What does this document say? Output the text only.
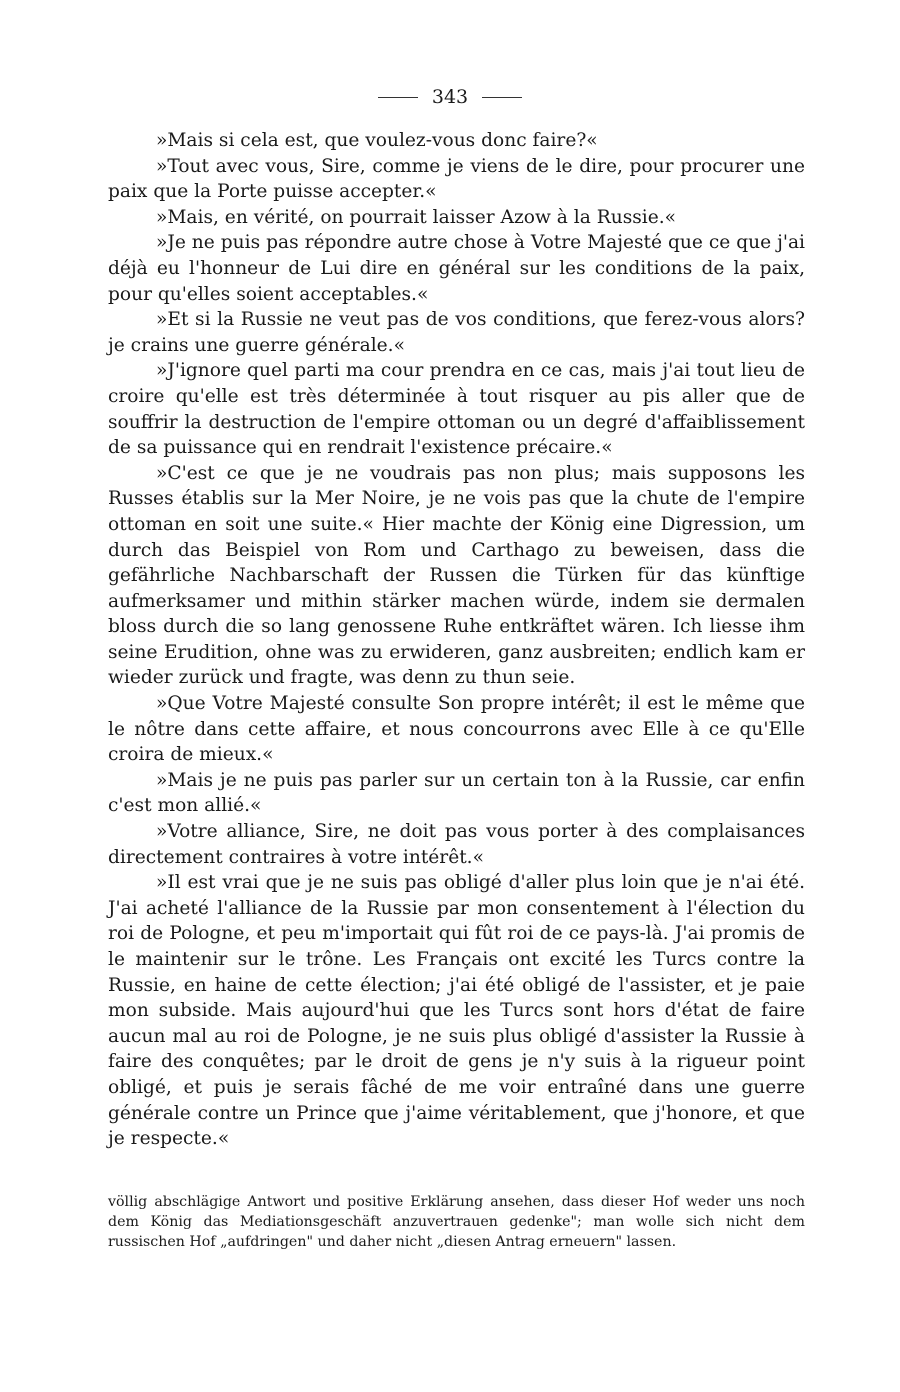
343

»Mais si cela est, que voulez-vous donc faire?«

»Tout avec vous, Sire, comme je viens de le dire, pour procurer une paix que la Porte puisse accepter.«

»Mais, en vérité, on pourrait laisser Azow à la Russie.«

»Je ne puis pas répondre autre chose à Votre Majesté que ce que j'ai déjà eu l'honneur de Lui dire en général sur les conditions de la paix, pour qu'elles soient acceptables.«

»Et si la Russie ne veut pas de vos conditions, que ferez-vous alors? je crains une guerre générale.«

»J'ignore quel parti ma cour prendra en ce cas, mais j'ai tout lieu de croire qu'elle est très déterminée à tout risquer au pis aller que de souffrir la destruction de l'empire ottoman ou un degré d'affaiblissement de sa puissance qui en rendrait l'existence précaire.«

»C'est ce que je ne voudrais pas non plus; mais supposons les Russes établis sur la Mer Noire, je ne vois pas que la chute de l'empire ottoman en soit une suite.« Hier machte der König eine Digression, um durch das Beispiel von Rom und Carthago zu beweisen, dass die gefährliche Nachbarschaft der Russen die Türken für das künftige aufmerksamer und mithin stärker machen würde, indem sie dermalen bloss durch die so lang genossene Ruhe entkräftet wären. Ich liesse ihm seine Erudition, ohne was zu erwideren, ganz ausbreiten; endlich kam er wieder zurück und fragte, was denn zu thun seie.

»Que Votre Majesté consulte Son propre intérêt; il est le même que le nôtre dans cette affaire, et nous concourrons avec Elle à ce qu'Elle croira de mieux.«

»Mais je ne puis pas parler sur un certain ton à la Russie, car enfin c'est mon allié.«

»Votre alliance, Sire, ne doit pas vous porter à des complaisances directement contraires à votre intérêt.«

»Il est vrai que je ne suis pas obligé d'aller plus loin que je n'ai été. J'ai acheté l'alliance de la Russie par mon consentement à l'élection du roi de Pologne, et peu m'importait qui fût roi de ce pays-là. J'ai promis de le maintenir sur le trône. Les Français ont excité les Turcs contre la Russie, en haine de cette élection; j'ai été obligé de l'assister, et je paie mon subside. Mais aujourd'hui que les Turcs sont hors d'état de faire aucun mal au roi de Pologne, je ne suis plus obligé d'assister la Russie à faire des conquêtes; par le droit de gens je n'y suis à la rigueur point obligé, et puis je serais fâché de me voir entraîné dans une guerre générale contre un Prince que j'aime véritablement, que j'honore, et que je respecte.«

völlig abschlägige Antwort und positive Erklärung ansehen, dass dieser Hof weder uns noch dem König das Mediationsgeschäft anzuvertrauen gedenke"; man wolle sich nicht dem russischen Hof „aufdringen" und daher nicht „diesen Antrag erneuern" lassen.
